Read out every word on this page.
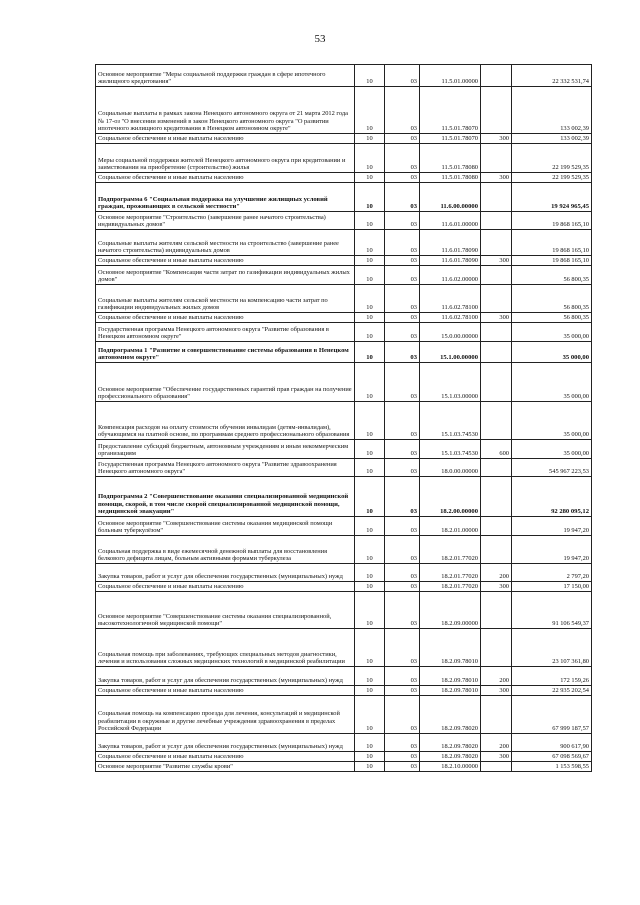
53
Основное мероприятие "Меры социальной поддержки граждан в сфере ипотечного жилищного кредитования"	10	03	11.5.01.00000		22 332 531,74
Социальные выплаты в рамках закона Ненецкого автономного округа от 21 марта 2012 года № 17-оз "О внесении изменений в закон Ненецкого автономного округа "О развитии ипотечного жилищного кредитования в Ненецком автономном округе"	10	03	11.5.01.78070		133 002,39
Социальное обеспечение и иные выплаты населению	10	03	11.5.01.78070	300	133 002,39
Меры социальной поддержки жителей Ненецкого автономного округа при кредитовании и заимствовании на приобретение (строительство) жилья	10	03	11.5.01.78080		22 199 529,35
Социальное обеспечение и иные выплаты населению	10	03	11.5.01.78080	300	22 199 529,35
Подпрограмма 6 "Социальная поддержка на улучшение жилищных условий граждан, проживающих в сельской местности"	10	03	11.6.00.00000		19 924 965,45
Основное мероприятие "Строительство (завершение ранее начатого строительства) индивидуальных домов"	10	03	11.6.01.00000		19 868 165,10
Социальные выплаты жителям сельской местности на строительство (завершение ранее начатого строительства) индивидуальных домов	10	03	11.6.01.78090		19 868 165,10
Социальное обеспечение и иные выплаты населению	10	03	11.6.01.78090	300	19 868 165,10
Основное мероприятие "Компенсация части затрат по газификации индивидуальных жилых домов"	10	03	11.6.02.00000		56 800,35
Социальные выплаты жителям сельской местности на компенсацию части затрат по газификации индивидуальных жилых домов	10	03	11.6.02.78100		56 800,35
Социальное обеспечение и иные выплаты населению	10	03	11.6.02.78100	300	56 800,35
Государственная программа Ненецкого автономного округа "Развитие образования в Ненецком автономном округе"	10	03	15.0.00.00000		35 000,00
Подпрограмма 1 "Развитие и совершенствование системы образования в Ненецком автономном округе"	10	03	15.1.00.00000		35 000,00
Основное мероприятие "Обеспечение государственных гарантий прав граждан на получение профессионального образования"	10	03	15.1.03.00000		35 000,00
Компенсация расходов на оплату стоимости обучения инвалидам (детям-инвалидам), обучающимся на платной основе, по программам среднего профессионального образования	10	03	15.1.03.74530		35 000,00
Предоставление субсидий бюджетным, автономным учреждениям и иным некоммерческим организациям	10	03	15.1.03.74530	600	35 000,00
Государственная программа Ненецкого автономного округа "Развитие здравоохранения Ненецкого автономного округа"	10	03	18.0.00.00000		545 967 223,53
Подпрограмма 2 "Совершенствование оказания специализированной медицинской помощи, скорой, в том числе скорой специализированной медицинской помощи, медицинской эвакуации"	10	03	18.2.00.00000		92 280 095,12
Основное мероприятие "Совершенствование системы оказания медицинской помощи больным туберкулёзом"	10	03	18.2.01.00000		19 947,20
Социальная поддержка в виде ежемесячной денежной выплаты для восстановления белкового дефицита лицам, больным активными формами туберкулеза	10	03	18.2.01.77020		19 947,20
Закупка товаров, работ и услуг для обеспечения государственных (муниципальных) нужд	10	03	18.2.01.77020	200	2 797,20
Социальное обеспечение и иные выплаты населению	10	03	18.2.01.77020	300	17 150,00
Основное мероприятие "Совершенствование системы оказания специализированной, высокотехнологичной медицинской помощи"	10	03	18.2.09.00000		91 106 549,37
Социальная помощь при заболеваниях, требующих специальных методов диагностики, лечения и использования сложных медицинских технологий в медицинской реабилитации	10	03	18.2.09.78010		23 107 361,80
Закупка товаров, работ и услуг для обеспечения государственных (муниципальных) нужд	10	03	18.2.09.78010	200	172 159,26
Социальное обеспечение и иные выплаты населению	10	03	18.2.09.78010	300	22 935 202,54
Социальная помощь на компенсацию проезда для лечения, консультаций и медицинской реабилитации в окружные и другие лечебные учреждения здравоохранения в пределах Российской Федерации	10	03	18.2.09.78020		67 999 187,57
Закупка товаров, работ и услуг для обеспечения государственных (муниципальных) нужд	10	03	18.2.09.78020	200	900 617,90
Социальное обеспечение и иные выплаты населению	10	03	18.2.09.78020	300	67 098 569,67
Основное мероприятие "Развитие службы крови"	10	03	18.2.10.00000		1 153 598,55
